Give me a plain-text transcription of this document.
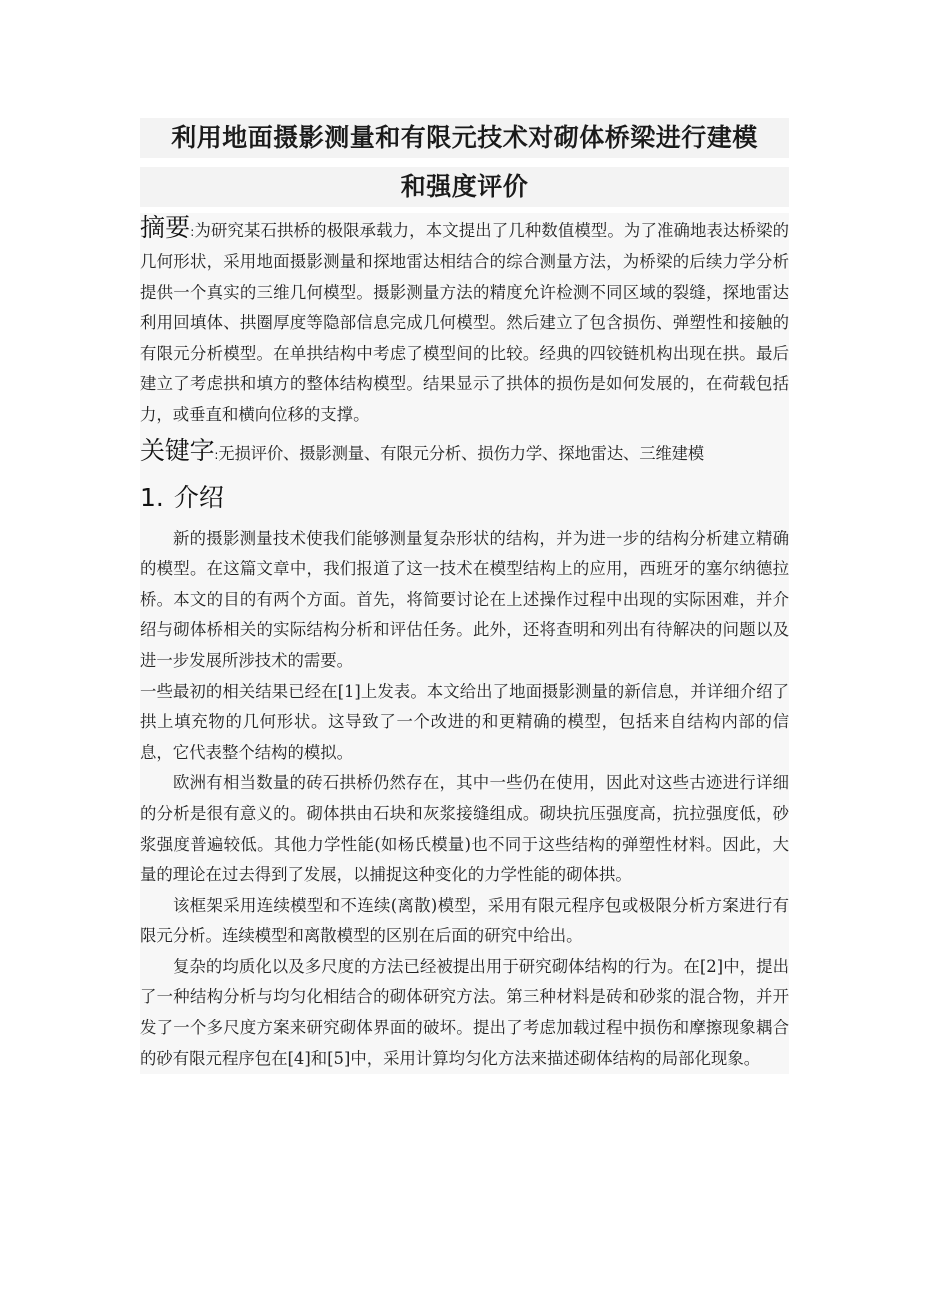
利用地面摄影测量和有限元技术对砌体桥梁进行建模
和强度评价

摘要:为研究某石拱桥的极限承载力，本文提出了几种数值模型。为了准确地表达桥梁的几何形状，采用地面摄影测量和探地雷达相结合的综合测量方法，为桥梁的后续力学分析提供一个真实的三维几何模型。摄影测量方法的精度允许检测不同区域的裂缝，探地雷达利用回填体、拱圈厚度等隐部信息完成几何模型。然后建立了包含损伤、弹塑性和接触的有限元分析模型。在单拱结构中考虑了模型间的比较。经典的四铰链机构出现在拱。最后建立了考虑拱和填方的整体结构模型。结果显示了拱体的损伤是如何发展的，在荷载包括力，或垂直和横向位移的支撑。

关键字:无损评价、摄影测量、有限元分析、损伤力学、探地雷达、三维建模

1. 介绍

新的摄影测量技术使我们能够测量复杂形状的结构，并为进一步的结构分析建立精确的模型。在这篇文章中，我们报道了这一技术在模型结构上的应用，西班牙的塞尔纳德拉桥。本文的目的有两个方面。首先，将简要讨论在上述操作过程中出现的实际困难，并介绍与砌体桥相关的实际结构分析和评估任务。此外，还将查明和列出有待解决的问题以及进一步发展所涉技术的需要。

一些最初的相关结果已经在[1]上发表。本文给出了地面摄影测量的新信息，并详细介绍了拱上填充物的几何形状。这导致了一个改进的和更精确的模型，包括来自结构内部的信息，它代表整个结构的模拟。

欧洲有相当数量的砖石拱桥仍然存在，其中一些仍在使用，因此对这些古迹进行详细的分析是很有意义的。砌体拱由石块和灰浆接缝组成。砌块抗压强度高，抗拉强度低，砂浆强度普遍较低。其他力学性能(如杨氏模量)也不同于这些结构的弹塑性材料。因此，大量的理论在过去得到了发展，以捕捉这种变化的力学性能的砌体拱。

该框架采用连续模型和不连续(离散)模型，采用有限元程序包或极限分析方案进行有限元分析。连续模型和离散模型的区别在后面的研究中给出。

复杂的均质化以及多尺度的方法已经被提出用于研究砌体结构的行为。在[2]中，提出了一种结构分析与均匀化相结合的砌体研究方法。第三种材料是砖和砂浆的混合物，并开发了一个多尺度方案来研究砌体界面的破坏。提出了考虑加载过程中损伤和摩擦现象耦合的砂有限元程序包在[4]和[5]中，采用计算均匀化方法来描述砌体结构的局部化现象。
